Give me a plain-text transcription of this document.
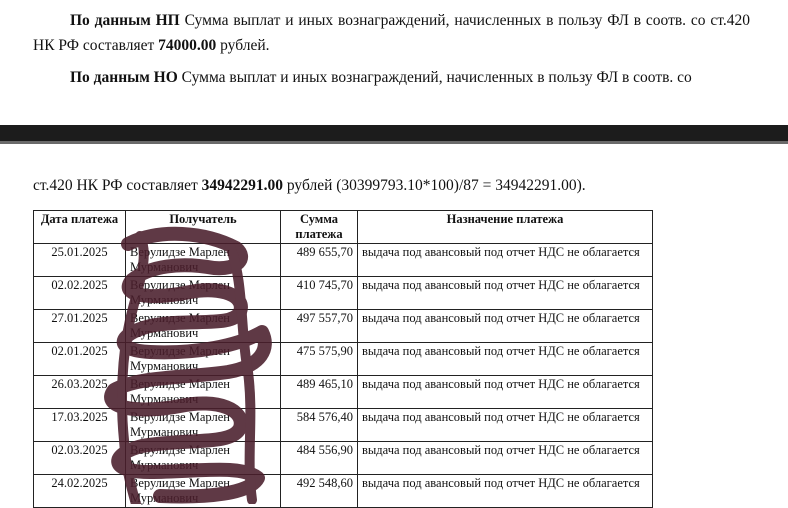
По данным НП Сумма выплат и иных вознаграждений, начисленных в пользу ФЛ в соотв. со ст.420 НК РФ составляет 74000.00 рублей.
По данным НО Сумма выплат и иных вознаграждений, начисленных в пользу ФЛ в соотв. со
ст.420 НК РФ составляет 34942291.00 рублей (30399793.10*100)/87 = 34942291.00).
Дата платежа	Получатель	Сумма платежа	Назначение платежа
25.01.2025	Верулидзе Марлен Мурманович	489 655,70	выдача под авансовый под отчет НДС не облагается
02.02.2025	Верулидзе Марлен Мурманович	410 745,70	выдача под авансовый под отчет НДС не облагается
27.01.2025	Верулидзе Марлен Мурманович	497 557,70	выдача под авансовый под отчет НДС не облагается
02.01.2025	Верулидзе Марлен Мурманович	475 575,90	выдача под авансовый под отчет НДС не облагается
26.03.2025	Верулидзе Марлен Мурманович	489 465,10	выдача под авансовый под отчет НДС не облагается
17.03.2025	Верулидзе Марлен Мурманович	584 576,40	выдача под авансовый под отчет НДС не облагается
02.03.2025	Верулидзе Марлен Мурманович	484 556,90	выдача под авансовый под отчет НДС не облагается
24.02.2025	Верулидзе Марлен Мурманович	492 548,60	выдача под авансовый под отчет НДС не облагается
